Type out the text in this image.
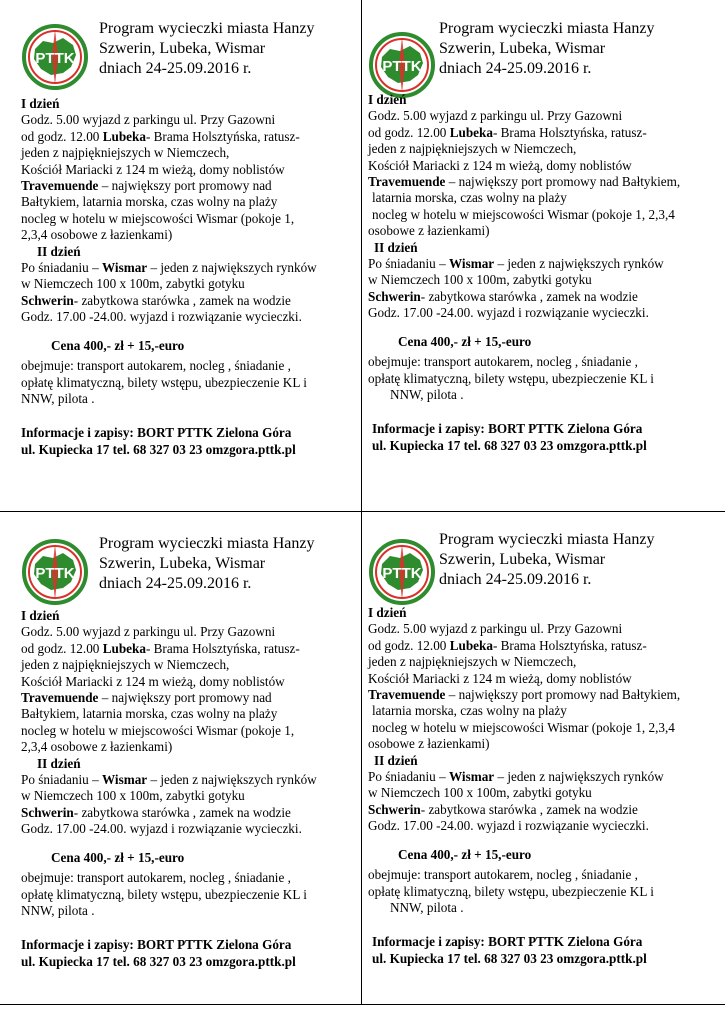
PTTK
Program wycieczki miasta Hanzy
Szwerin, Lubeka, Wismar
dniach 24-25.09.2016 r.

I dzień

Godz. 5.00 wyjazd z parkingu ul. Przy Gazowni

od godz. 12.00 Lubeka- Brama Holsztyńska, ratusz-

jeden z najpiękniejszych w Niemczech,

Kościół Mariacki z 124 m wieżą, domy noblistów

Travemuende – największy port promowy nad

Bałtykiem, latarnia morska, czas wolny na plaży

nocleg w hotelu w miejscowości Wismar (pokoje 1,

2,3,4 osobowe z łazienkami)

II dzień

Po śniadaniu – Wismar – jeden z największych rynków

w Niemczech 100 x 100m, zabytki gotyku

Schwerin- zabytkowa starówka , zamek na wodzie

Godz. 17.00 -24.00. wyjazd i rozwiązanie wycieczki.

Cena 400,- zł + 15,-euro

obejmuje: transport autokarem, nocleg , śniadanie ,

opłatę klimatyczną, bilety wstępu, ubezpieczenie KL i

NNW, pilota .

Informacje i zapisy: BORT PTTK Zielona Góra

ul. Kupiecka 17 tel. 68 327 03 23 omzgora.pttk.pl

PTTK
Program wycieczki miasta Hanzy
Szwerin, Lubeka, Wismar
dniach 24-25.09.2016 r.

I dzień

Godz. 5.00 wyjazd z parkingu ul. Przy Gazowni

od godz. 12.00 Lubeka- Brama Holsztyńska, ratusz-

jeden z najpiękniejszych w Niemczech,

Kościół Mariacki z 124 m wieżą, domy noblistów

Travemuende – największy port promowy nad Bałtykiem,

latarnia morska, czas wolny na plaży

nocleg w hotelu w miejscowości Wismar (pokoje 1, 2,3,4

osobowe z łazienkami)

II dzień

Po śniadaniu – Wismar – jeden z największych rynków

w Niemczech 100 x 100m, zabytki gotyku

Schwerin- zabytkowa starówka , zamek na wodzie

Godz. 17.00 -24.00. wyjazd i rozwiązanie wycieczki.

Cena 400,- zł + 15,-euro

obejmuje: transport autokarem, nocleg , śniadanie ,

opłatę klimatyczną, bilety wstępu, ubezpieczenie KL i

NNW, pilota .

Informacje i zapisy: BORT PTTK Zielona Góra

ul. Kupiecka 17 tel. 68 327 03 23 omzgora.pttk.pl

PTTK
Program wycieczki miasta Hanzy
Szwerin, Lubeka, Wismar
dniach 24-25.09.2016 r.

I dzień

Godz. 5.00 wyjazd z parkingu ul. Przy Gazowni

od godz. 12.00 Lubeka- Brama Holsztyńska, ratusz-

jeden z najpiękniejszych w Niemczech,

Kościół Mariacki z 124 m wieżą, domy noblistów

Travemuende – największy port promowy nad

Bałtykiem, latarnia morska, czas wolny na plaży

nocleg w hotelu w miejscowości Wismar (pokoje 1,

2,3,4 osobowe z łazienkami)

II dzień

Po śniadaniu – Wismar – jeden z największych rynków

w Niemczech 100 x 100m, zabytki gotyku

Schwerin- zabytkowa starówka , zamek na wodzie

Godz. 17.00 -24.00. wyjazd i rozwiązanie wycieczki.

Cena 400,- zł + 15,-euro

obejmuje: transport autokarem, nocleg , śniadanie ,

opłatę klimatyczną, bilety wstępu, ubezpieczenie KL i

NNW, pilota .

Informacje i zapisy: BORT PTTK Zielona Góra

ul. Kupiecka 17 tel. 68 327 03 23 omzgora.pttk.pl

PTTK
Program wycieczki miasta Hanzy
Szwerin, Lubeka, Wismar
dniach 24-25.09.2016 r.

I dzień

Godz. 5.00 wyjazd z parkingu ul. Przy Gazowni

od godz. 12.00 Lubeka- Brama Holsztyńska, ratusz-

jeden z najpiękniejszych w Niemczech,

Kościół Mariacki z 124 m wieżą, domy noblistów

Travemuende – największy port promowy nad Bałtykiem,

latarnia morska, czas wolny na plaży

nocleg w hotelu w miejscowości Wismar (pokoje 1, 2,3,4

osobowe z łazienkami)

II dzień

Po śniadaniu – Wismar – jeden z największych rynków

w Niemczech 100 x 100m, zabytki gotyku

Schwerin- zabytkowa starówka , zamek na wodzie

Godz. 17.00 -24.00. wyjazd i rozwiązanie wycieczki.

Cena 400,- zł + 15,-euro

obejmuje: transport autokarem, nocleg , śniadanie ,

opłatę klimatyczną, bilety wstępu, ubezpieczenie KL i

NNW, pilota .

Informacje i zapisy: BORT PTTK Zielona Góra

ul. Kupiecka 17 tel. 68 327 03 23 omzgora.pttk.pl
